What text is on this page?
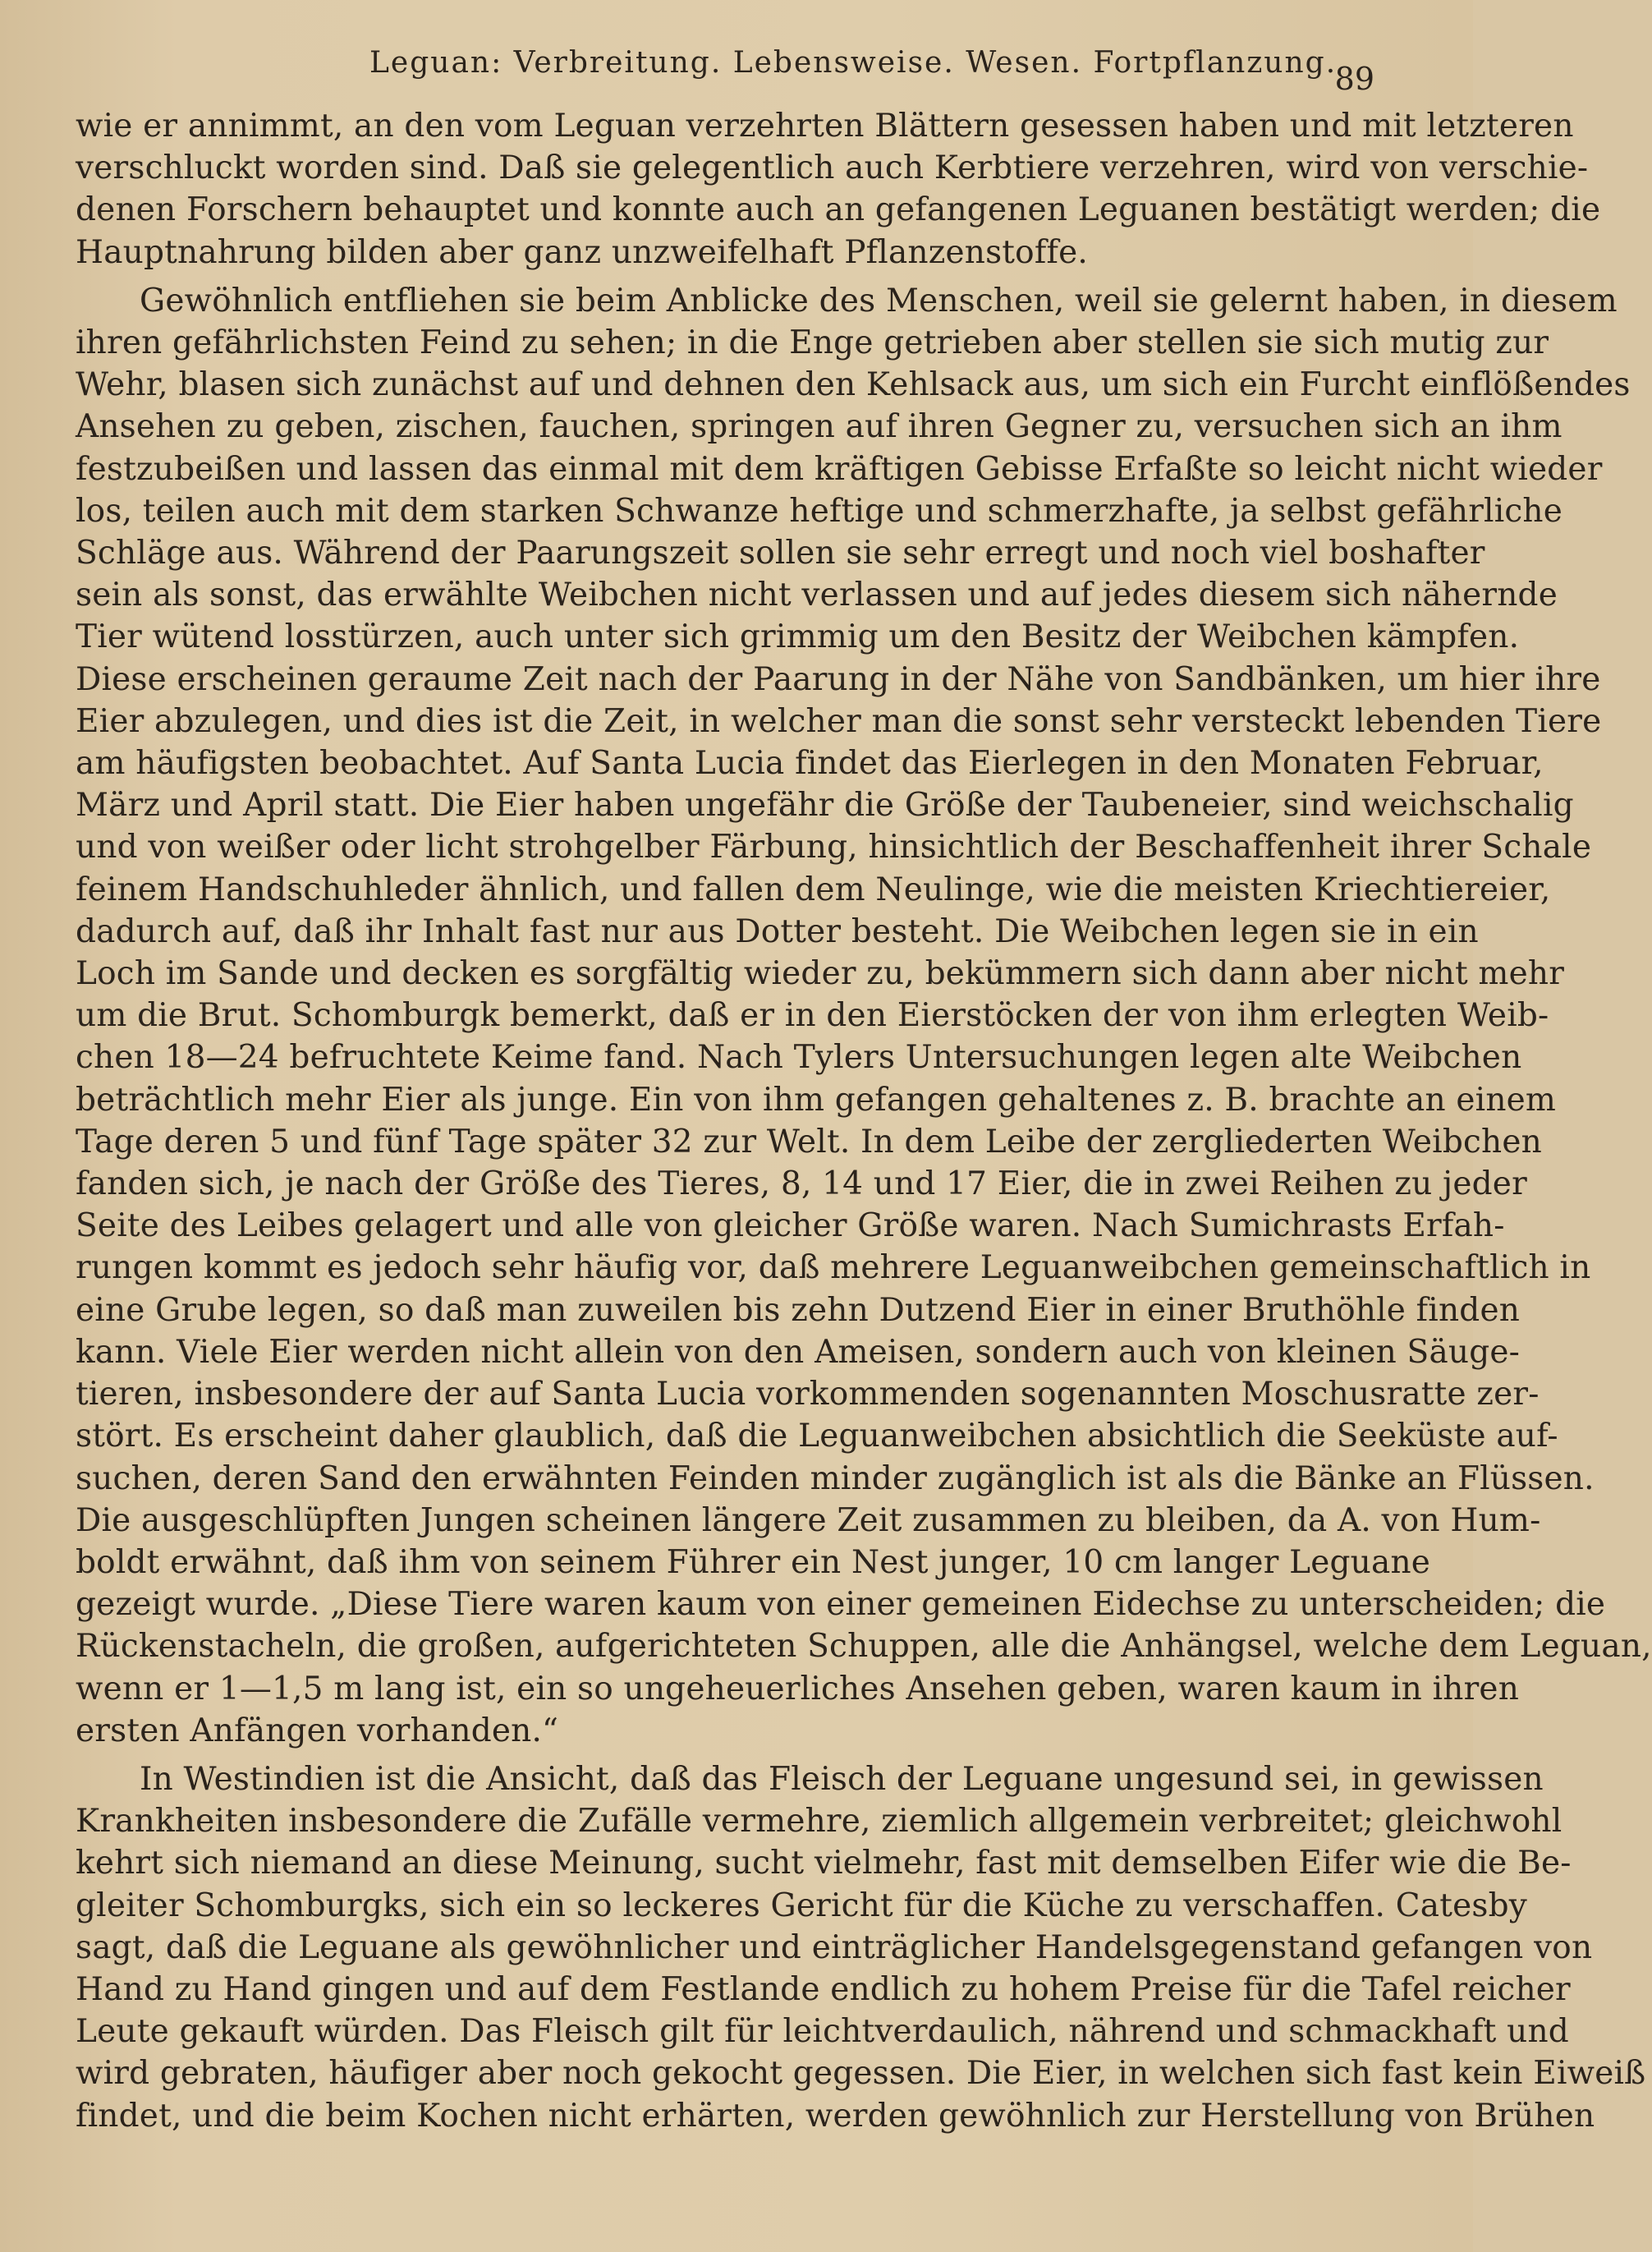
Leguan: Verbreitung. Lebensweise. Wesen. Fortpflanzung.
89
wie er annimmt, an den vom Leguan verzehrten Blättern gesessen haben und mit letzteren
verschluckt worden sind. Daß sie gelegentlich auch Kerbtiere verzehren, wird von verschie-
denen Forschern behauptet und konnte auch an gefangenen Leguanen bestätigt werden; die
Hauptnahrung bilden aber ganz unzweifelhaft Pflanzenstoffe.
Gewöhnlich entfliehen sie beim Anblicke des Menschen, weil sie gelernt haben, in diesem
ihren gefährlichsten Feind zu sehen; in die Enge getrieben aber stellen sie sich mutig zur
Wehr, blasen sich zunächst auf und dehnen den Kehlsack aus, um sich ein Furcht einflößendes
Ansehen zu geben, zischen, fauchen, springen auf ihren Gegner zu, versuchen sich an ihm
festzubeißen und lassen das einmal mit dem kräftigen Gebisse Erfaßte so leicht nicht wieder
los, teilen auch mit dem starken Schwanze heftige und schmerzhafte, ja selbst gefährliche
Schläge aus. Während der Paarungszeit sollen sie sehr erregt und noch viel boshafter
sein als sonst, das erwählte Weibchen nicht verlassen und auf jedes diesem sich nähernde
Tier wütend losstürzen, auch unter sich grimmig um den Besitz der Weibchen kämpfen.
Diese erscheinen geraume Zeit nach der Paarung in der Nähe von Sandbänken, um hier ihre
Eier abzulegen, und dies ist die Zeit, in welcher man die sonst sehr versteckt lebenden Tiere
am häufigsten beobachtet. Auf Santa Lucia findet das Eierlegen in den Monaten Februar,
März und April statt. Die Eier haben ungefähr die Größe der Taubeneier, sind weichschalig
und von weißer oder licht strohgelber Färbung, hinsichtlich der Beschaffenheit ihrer Schale
feinem Handschuhleder ähnlich, und fallen dem Neulinge, wie die meisten Kriechtiereier,
dadurch auf, daß ihr Inhalt fast nur aus Dotter besteht. Die Weibchen legen sie in ein
Loch im Sande und decken es sorgfältig wieder zu, bekümmern sich dann aber nicht mehr
um die Brut. Schomburgk bemerkt, daß er in den Eierstöcken der von ihm erlegten Weib-
chen 18—24 befruchtete Keime fand. Nach Tylers Untersuchungen legen alte Weibchen
beträchtlich mehr Eier als junge. Ein von ihm gefangen gehaltenes z. B. brachte an einem
Tage deren 5 und fünf Tage später 32 zur Welt. In dem Leibe der zergliederten Weibchen
fanden sich, je nach der Größe des Tieres, 8, 14 und 17 Eier, die in zwei Reihen zu jeder
Seite des Leibes gelagert und alle von gleicher Größe waren. Nach Sumichrasts Erfah-
rungen kommt es jedoch sehr häufig vor, daß mehrere Leguanweibchen gemeinschaftlich in
eine Grube legen, so daß man zuweilen bis zehn Dutzend Eier in einer Bruthöhle finden
kann. Viele Eier werden nicht allein von den Ameisen, sondern auch von kleinen Säuge-
tieren, insbesondere der auf Santa Lucia vorkommenden sogenannten Moschusratte zer-
stört. Es erscheint daher glaublich, daß die Leguanweibchen absichtlich die Seeküste auf-
suchen, deren Sand den erwähnten Feinden minder zugänglich ist als die Bänke an Flüssen.
Die ausgeschlüpften Jungen scheinen längere Zeit zusammen zu bleiben, da A. von Hum-
boldt erwähnt, daß ihm von seinem Führer ein Nest junger, 10 cm langer Leguane
gezeigt wurde. „Diese Tiere waren kaum von einer gemeinen Eidechse zu unterscheiden; die
Rückenstacheln, die großen, aufgerichteten Schuppen, alle die Anhängsel, welche dem Leguan,
wenn er 1—1,5 m lang ist, ein so ungeheuerliches Ansehen geben, waren kaum in ihren
ersten Anfängen vorhanden.“
In Westindien ist die Ansicht, daß das Fleisch der Leguane ungesund sei, in gewissen
Krankheiten insbesondere die Zufälle vermehre, ziemlich allgemein verbreitet; gleichwohl
kehrt sich niemand an diese Meinung, sucht vielmehr, fast mit demselben Eifer wie die Be-
gleiter Schomburgks, sich ein so leckeres Gericht für die Küche zu verschaffen. Catesby
sagt, daß die Leguane als gewöhnlicher und einträglicher Handelsgegenstand gefangen von
Hand zu Hand gingen und auf dem Festlande endlich zu hohem Preise für die Tafel reicher
Leute gekauft würden. Das Fleisch gilt für leichtverdaulich, nährend und schmackhaft und
wird gebraten, häufiger aber noch gekocht gegessen. Die Eier, in welchen sich fast kein Eiweiß
findet, und die beim Kochen nicht erhärten, werden gewöhnlich zur Herstellung von Brühen
